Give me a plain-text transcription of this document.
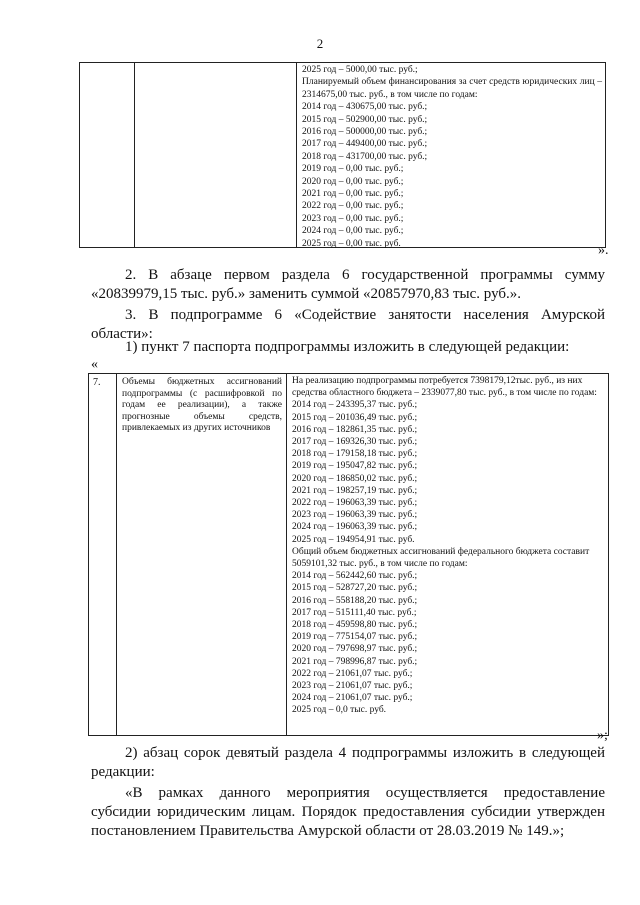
2
2025 год – 5000,00 тыс. руб.;
Планируемый объем финансирования за счет средств юридических лиц – 2314675,00 тыс. руб., в том числе по годам:
2014 год – 430675,00 тыс. руб.;
2015 год – 502900,00 тыс. руб.;
2016 год – 500000,00 тыс. руб.;
2017 год – 449400,00 тыс. руб.;
2018 год – 431700,00 тыс. руб.;
2019 год – 0,00 тыс. руб.;
2020 год – 0,00 тыс. руб.;
2021 год – 0,00 тыс. руб.;
2022 год – 0,00 тыс. руб.;
2023 год – 0,00 тыс. руб.;
2024 год – 0,00 тыс. руб.;
2025 год – 0,00 тыс. руб.	».
2. В абзаце первом раздела 6 государственной программы сумму «20839979,15 тыс. руб.» заменить суммой «20857970,83 тыс. руб.».
3. В подпрограмме 6 «Содействие занятости населения Амурской области»:
1) пункт 7 паспорта подпрограммы изложить в следующей редакции:
«
7. Объемы бюджетных ассигнований подпрограммы (с расшифровкой по годам ее реализации), а также прогнозные объемы средств, привлекаемых из других источников
На реализацию подпрограммы потребуется 7398179,12тыс. руб., из них средства областного бюджета – 2339077,80 тыс. руб., в том числе по годам:
2014 год – 243395,37 тыс. руб.;
2015 год – 201036,49 тыс. руб.;
2016 год – 182861,35 тыс. руб.;
2017 год – 169326,30 тыс. руб.;
2018 год – 179158,18 тыс. руб.;
2019 год – 195047,82 тыс. руб.;
2020 год – 186850,02 тыс. руб.;
2021 год – 198257,19 тыс. руб.;
2022 год – 196063,39 тыс. руб.;
2023 год – 196063,39 тыс. руб.;
2024 год – 196063,39 тыс. руб.;
2025 год – 194954,91 тыс. руб.
Общий объем бюджетных ассигнований федерального бюджета составит 5059101,32 тыс. руб., в том числе по годам:
2014 год – 562442,60 тыс. руб.;
2015 год – 528727,20 тыс. руб.;
2016 год – 558188,20 тыс. руб.;
2017 год – 515111,40 тыс. руб.;
2018 год – 459598,80 тыс. руб.;
2019 год – 775154,07 тыс. руб.;
2020 год – 797698,97 тыс. руб.;
2021 год – 798996,87 тыс. руб.;
2022 год – 21061,07 тыс. руб.;
2023 год – 21061,07 тыс. руб.;
2024 год – 21061,07 тыс. руб.;
2025 год – 0,0 тыс. руб.
»;
2) абзац сорок девятый раздела 4 подпрограммы изложить в следующей редакции:
«В рамках данного мероприятия осуществляется предоставление субсидии юридическим лицам. Порядок предоставления субсидии утвержден постановлением Правительства Амурской области от 28.03.2019 № 149.»;
